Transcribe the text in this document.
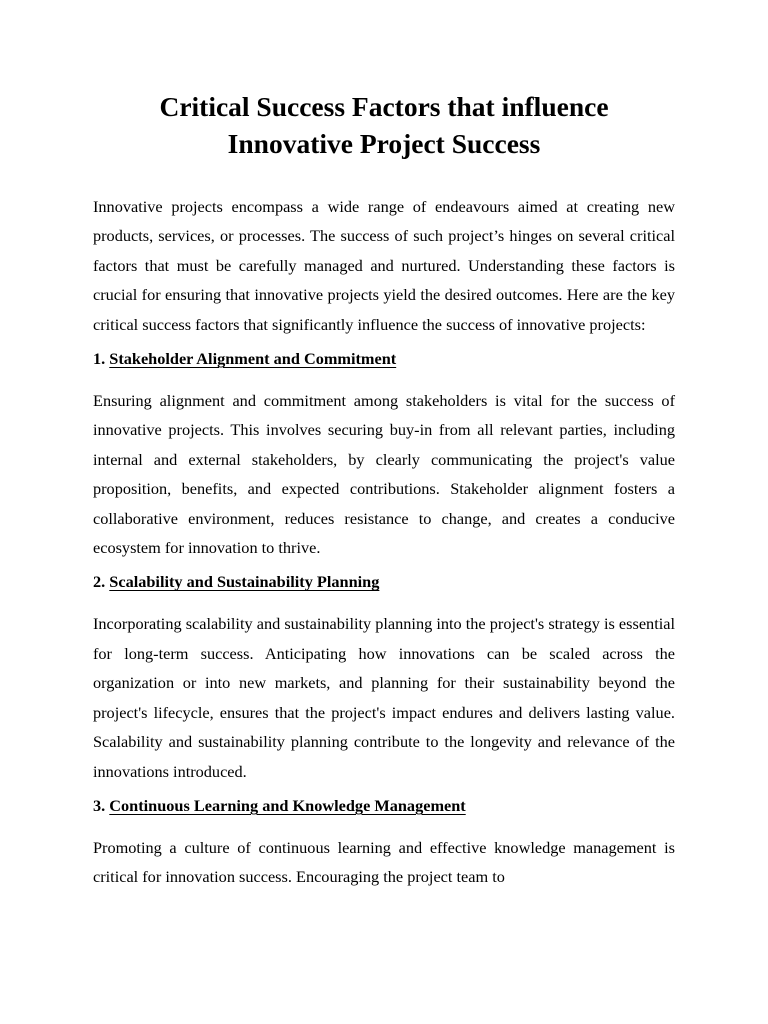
Critical Success Factors that influence
Innovative Project Success

Innovative projects encompass a wide range of endeavours aimed at creating new products, services, or processes. The success of such project’s hinges on several critical factors that must be carefully managed and nurtured. Understanding these factors is crucial for ensuring that innovative projects yield the desired outcomes. Here are the key critical success factors that significantly influence the success of innovative projects:

1. Stakeholder Alignment and Commitment

Ensuring alignment and commitment among stakeholders is vital for the success of innovative projects. This involves securing buy-in from all relevant parties, including internal and external stakeholders, by clearly communicating the project's value proposition, benefits, and expected contributions. Stakeholder alignment fosters a collaborative environment, reduces resistance to change, and creates a conducive ecosystem for innovation to thrive.

2. Scalability and Sustainability Planning

Incorporating scalability and sustainability planning into the project's strategy is essential for long-term success. Anticipating how innovations can be scaled across the organization or into new markets, and planning for their sustainability beyond the project's lifecycle, ensures that the project's impact endures and delivers lasting value. Scalability and sustainability planning contribute to the longevity and relevance of the innovations introduced.

3. Continuous Learning and Knowledge Management

Promoting a culture of continuous learning and effective knowledge management is critical for innovation success. Encouraging the project team to
